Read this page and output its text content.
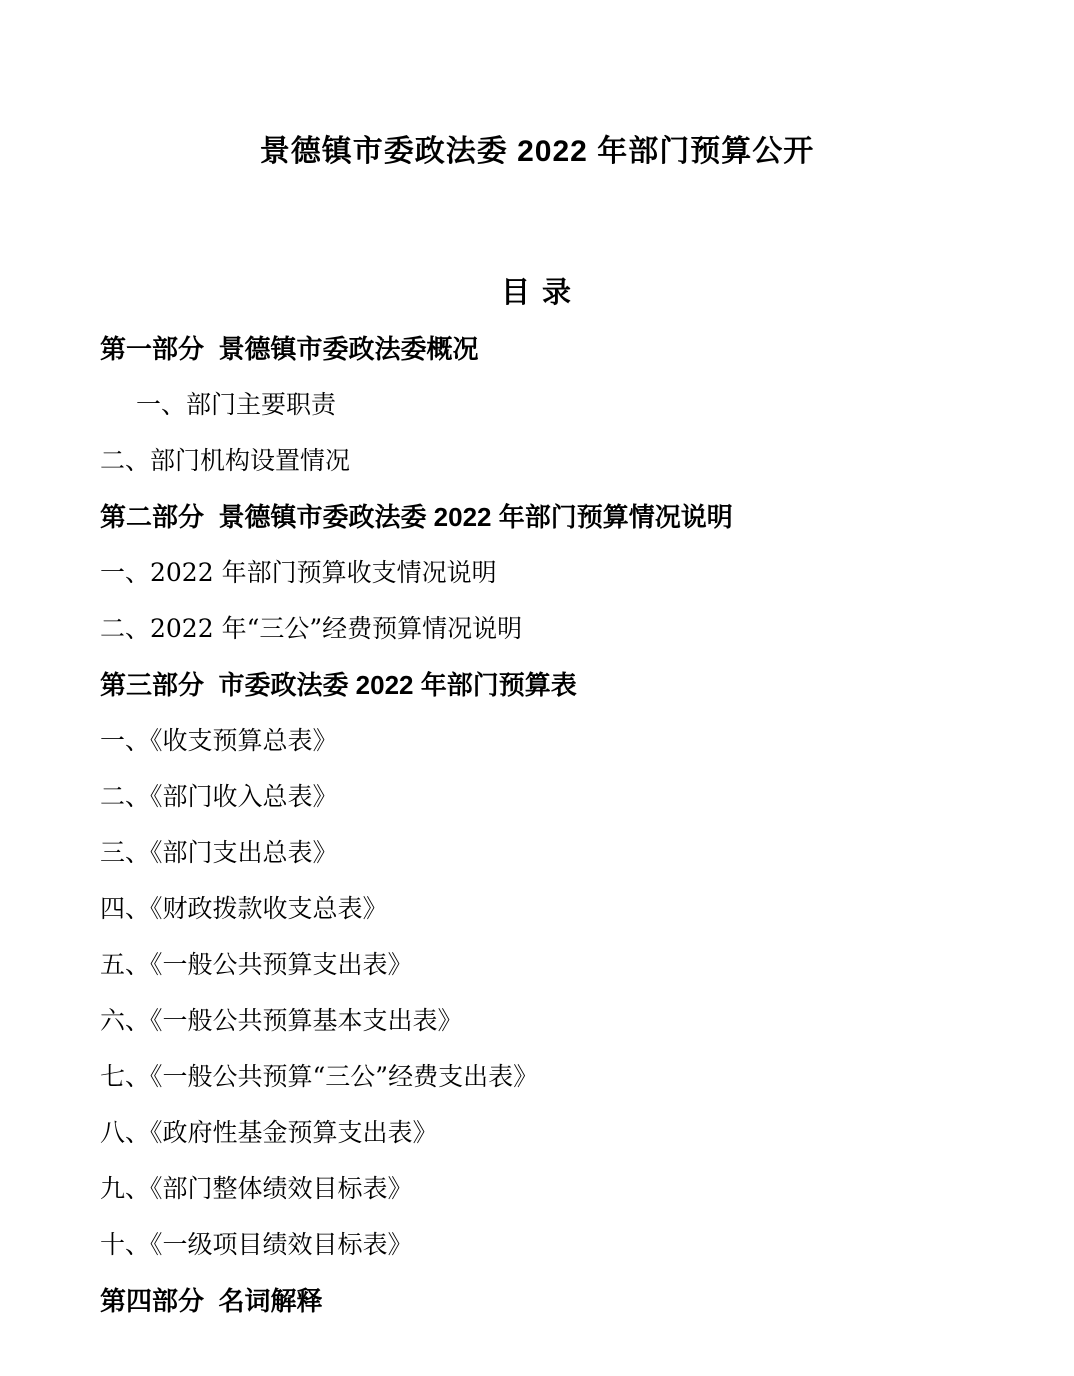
景德镇市委政法委 2022 年部门预算公开
目 录
第一部分  景德镇市委政法委概况
一、部门主要职责
二、部门机构设置情况
第二部分  景德镇市委政法委 2022 年部门预算情况说明
一、2022 年部门预算收支情况说明
二、2022 年“三公”经费预算情况说明
第三部分  市委政法委 2022 年部门预算表
一、《收支预算总表》
二、《部门收入总表》
三、《部门支出总表》
四、《财政拨款收支总表》
五、《一般公共预算支出表》
六、《一般公共预算基本支出表》
七、《一般公共预算“三公”经费支出表》
八、《政府性基金预算支出表》
九、《部门整体绩效目标表》
十、《一级项目绩效目标表》
第四部分  名词解释
